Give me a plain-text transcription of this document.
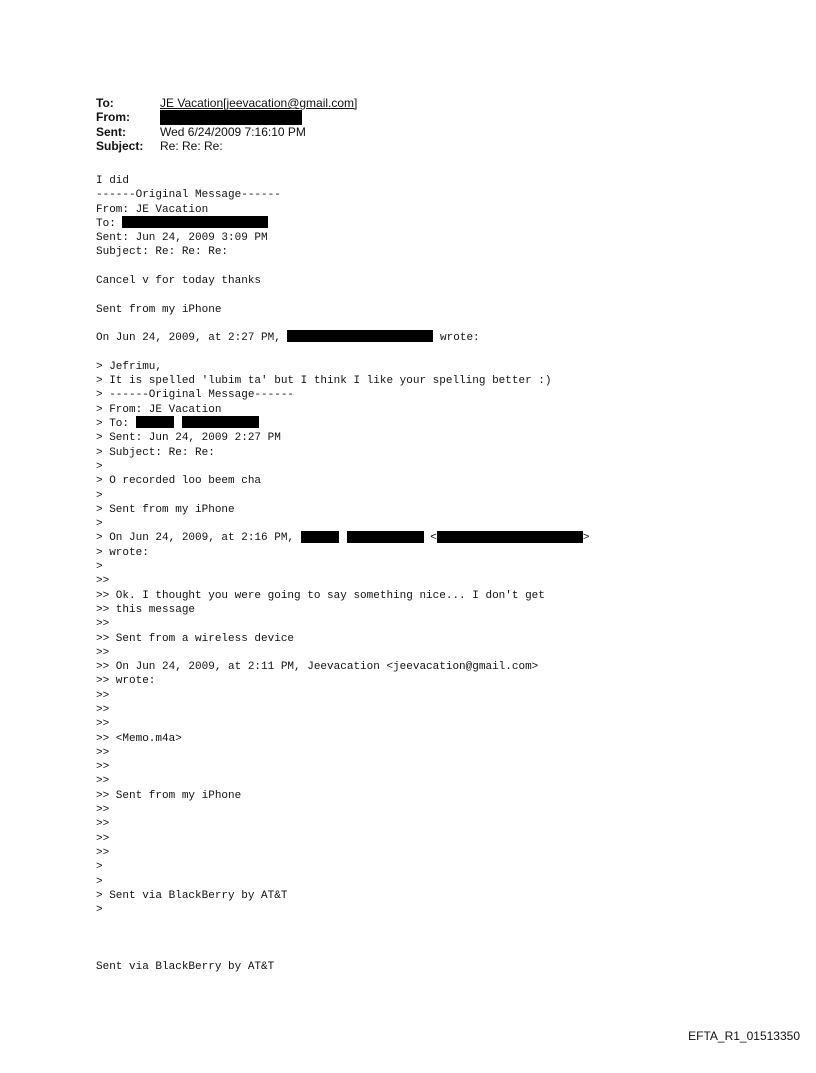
To:	JE Vacation[jeevacation@gmail.com]
From:
Sent:	Wed 6/24/2009 7:16:10 PM
Subject:	Re: Re: Re:
I did
------Original Message------
From: JE Vacation
To:
Sent: Jun 24, 2009 3:09 PM
Subject: Re: Re: Re:
Cancel v for today thanks
Sent from my iPhone
On Jun 24, 2009, at 2:27 PM,	wrote:
> Jefrimu,
> It is spelled 'lubim ta' but I think I like your spelling better :)
> ------Original Message------
> From: JE Vacation
> To:
> Sent: Jun 24, 2009 2:27 PM
> Subject: Re: Re:
>
> O recorded loo beem cha
>
> Sent from my iPhone
>
> On Jun 24, 2009, at 2:16 PM,	<	>
> wrote:
>
>>
>> Ok. I thought you were going to say something nice... I don't get
>> this message
>>
>> Sent from a wireless device
>>
>> On Jun 24, 2009, at 2:11 PM, Jeevacation <jeevacation@gmail.com>
>> wrote:
>>
>>
>>
>> <Memo.m4a>
>>
>>
>>
>> Sent from my iPhone
>>
>>
>>
>>
>
>
> Sent via BlackBerry by AT&T
>
Sent via BlackBerry by AT&T
EFTA_R1_01513350
